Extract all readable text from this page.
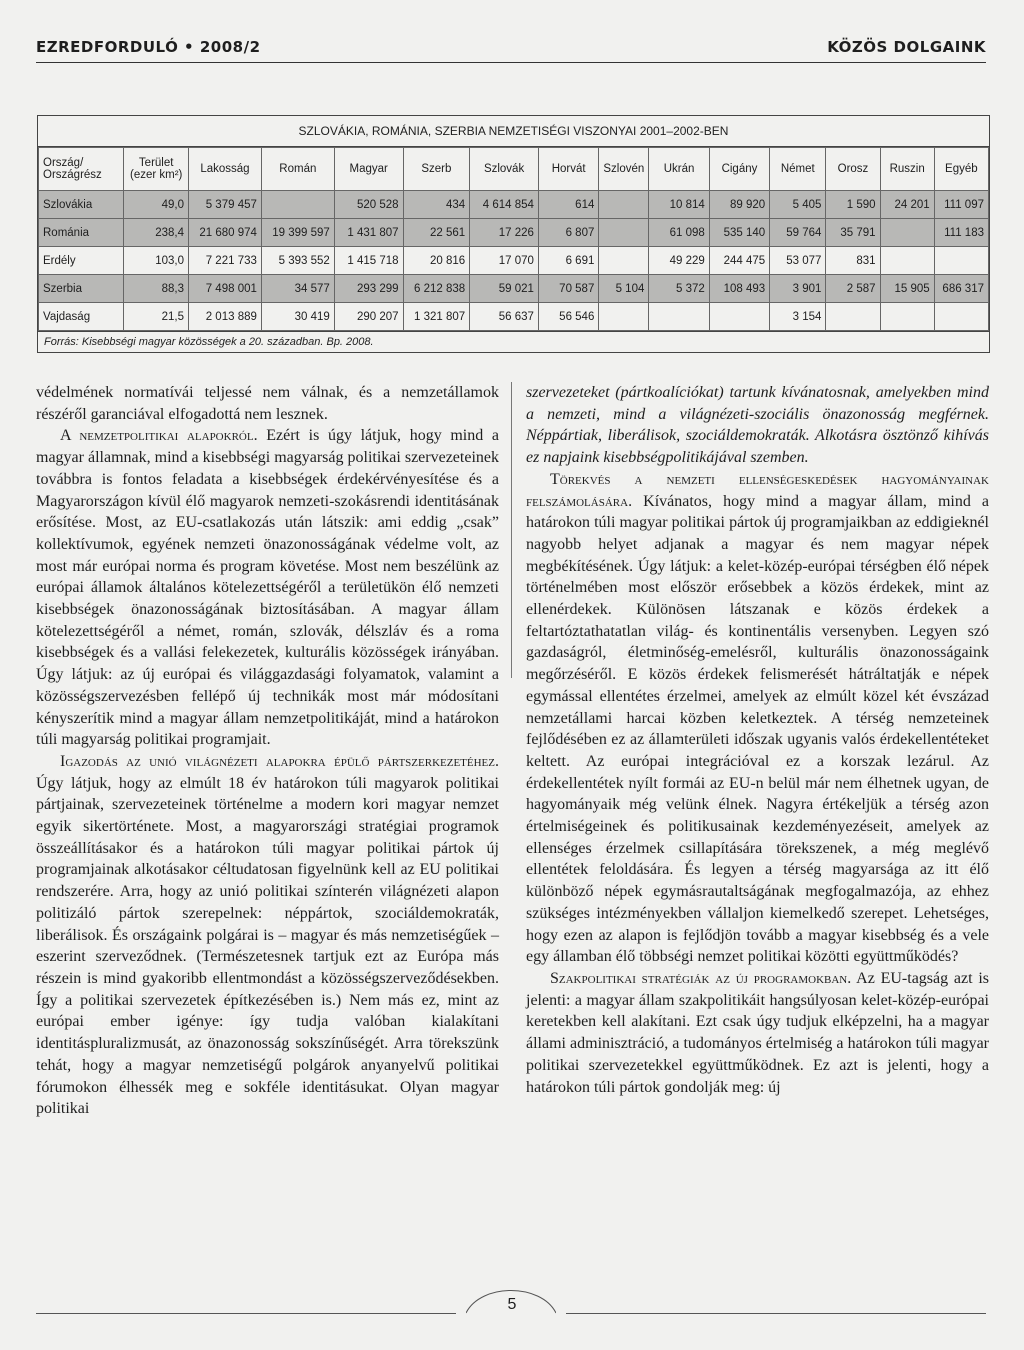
EZREDFORDULÓ • 2008/2	KÖZÖS DOLGAINK
SZLOVÁKIA, ROMÁNIA, SZERBIA NEMZETISÉGI VISZONYAI 2001–2002-BEN
Ország/ Országrész	Terület (ezer km²)	Lakosság	Román	Magyar	Szerb	Szlovák	Horvát	Szlovén	Ukrán	Cigány	Német	Orosz	Ruszin	Egyéb
Szlovákia	49,0	5 379 457		520 528	434	4 614 854	614		10 814	89 920	5 405	1 590	24 201	111 097
Románia	238,4	21 680 974	19 399 597	1 431 807	22 561	17 226	6 807		61 098	535 140	59 764	35 791		111 183
Erdély	103,0	7 221 733	5 393 552	1 415 718	20 816	17 070	6 691		49 229	244 475	53 077	831		
Szerbia	88,3	7 498 001	34 577	293 299	6 212 838	59 021	70 587	5 104	5 372	108 493	3 901	2 587	15 905	686 317
Vajdaság	21,5	2 013 889	30 419	290 207	1 321 807	56 637	56 546				3 154			
Forrás: Kisebbségi magyar közösségek a 20. században. Bp. 2008.

védelmének normatívái teljessé nem válnak, és a nemzetállamok részéről garanciával elfogadottá nem lesznek.

A nemzetpolitikai alapokról. Ezért is úgy látjuk, hogy mind a magyar államnak, mind a kisebbségi magyarság politikai szervezeteinek továbbra is fontos feladata a kisebbségek érdekérvényesítése és a Magyarországon kívül élő magyarok nemzeti-szokásrendi identitásának erősítése. Most, az EU-csatlakozás után látszik: ami eddig „csak” kollektívumok, egyének nemzeti önazonosságának védelme volt, az most már európai norma és program követése. Most nem beszélünk az európai államok általános kötelezettségéről a területükön élő nemzeti kisebbségek önazonosságának biztosításában. A magyar állam kötelezettségéről a német, román, szlovák, délszláv és a roma kisebbségek és a vallási felekezetek, kulturális közösségek irányában. Úgy látjuk: az új európai és világgazdasági folyamatok, valamint a közösségszervezésben fellépő új technikák most már módosítani kényszerítik mind a magyar állam nemzetpolitikáját, mind a határokon túli magyarság politikai programjait.

Igazodás az unió világnézeti alapokra épülő pártszerkezetéhez. Úgy látjuk, hogy az elmúlt 18 év határokon túli magyarok politikai pártjainak, szervezeteinek történelme a modern kori magyar nemzet egyik sikertörténete. Most, a magyarországi stratégiai programok összeállításakor és a határokon túli magyar politikai pártok új programjainak alkotásakor céltudatosan figyelnünk kell az EU politikai rendszerére. Arra, hogy az unió politikai színterén világnézeti alapon politizáló pártok szerepelnek: néppártok, szociáldemokraták, liberálisok. És országaink polgárai is – magyar és más nemzetiségűek – eszerint szerveződnek. (Természetesnek tartjuk ezt az Európa más részein is mind gyakoribb ellentmondást a közösségszerveződésekben. Így a politikai szervezetek építkezésében is.) Nem más ez, mint az európai ember igénye: így tudja valóban kialakítani identitáspluralizmusát, az önazonosság sokszínűségét. Arra törekszünk tehát, hogy a magyar nemzetiségű polgárok anyanyelvű politikai fórumokon élhessék meg e sokféle identitásukat. Olyan magyar politikai

szervezeteket (pártkoalíciókat) tartunk kívánatosnak, amelyekben mind a nemzeti, mind a világnézeti-szociális önazonosság megférnek. Néppártiak, liberálisok, szociáldemokraták. Alkotásra ösztönző kihívás ez napjaink kisebbségpolitikájával szemben.

Törekvés a nemzeti ellenségeskedések hagyományainak felszámolására. Kívánatos, hogy mind a magyar állam, mind a határokon túli magyar politikai pártok új programjaikban az eddigieknél nagyobb helyet adjanak a magyar és nem magyar népek megbékítésének. Úgy látjuk: a kelet-közép-európai térségben élő népek történelmében most először erősebbek a közös érdekek, mint az ellenérdekek. Különösen látszanak e közös érdekek a feltartóztathatatlan világ- és kontinentális versenyben. Legyen szó gazdaságról, életminőség-emelésről, kulturális önazonosságaink megőrzéséről. E közös érdekek felismerését hátráltatják e népek egymással ellentétes érzelmei, amelyek az elmúlt közel két évszázad nemzetállami harcai közben keletkeztek. A térség nemzeteinek fejlődésében ez az államterületi időszak ugyanis valós érdekellentéteket keltett. Az európai integrációval ez a korszak lezárul. Az érdekellentétek nyílt formái az EU-n belül már nem élhetnek ugyan, de hagyományaik még velünk élnek. Nagyra értékeljük a térség azon értelmiségeinek és politikusainak kezdeményezéseit, amelyek az ellenséges érzelmek csillapítására törekszenek, a még meglévő ellentétek feloldására. És legyen a térség magyarsága az itt élő különböző népek egymásrautaltságának megfogalmazója, az ehhez szükséges intézményekben vállaljon kiemelkedő szerepet. Lehetséges, hogy ezen az alapon is fejlődjön tovább a magyar kisebbség és a vele egy államban élő többségi nemzet politikai közötti együttműködés?

Szakpolitikai stratégiák az új programokban. Az EU-tagság azt is jelenti: a magyar állam szakpolitikáit hangsúlyosan kelet-közép-európai keretekben kell alakítani. Ezt csak úgy tudjuk elképzelni, ha a magyar állami adminisztráció, a tudományos értelmiség a határokon túli magyar politikai szervezetekkel együttműködnek. Ez azt is jelenti, hogy a határokon túli pártok gondolják meg: új

5
